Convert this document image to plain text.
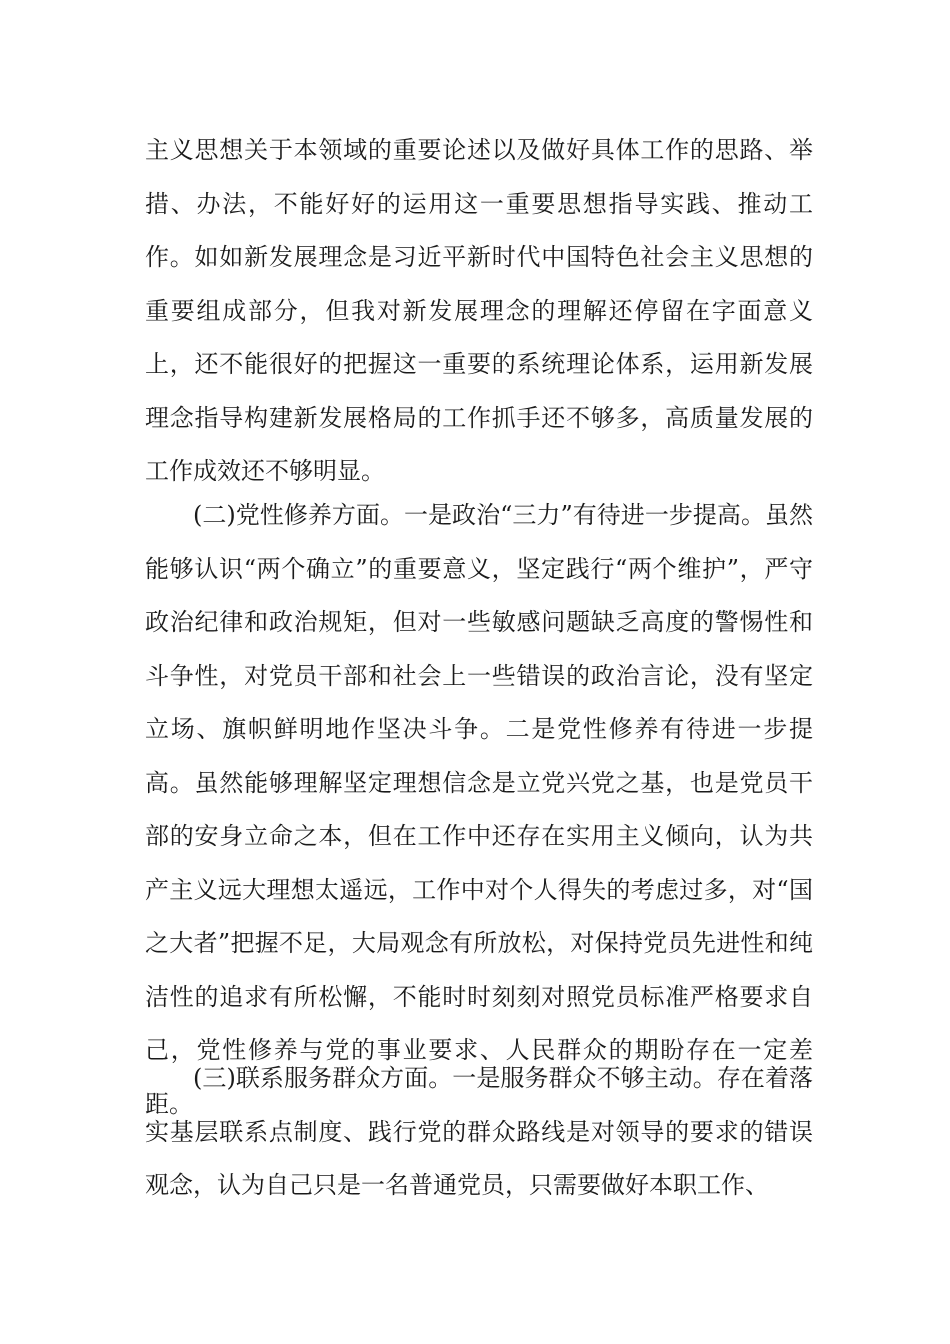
主义思想关于本领域的重要论述以及做好具体工作的思路、举措、办法，不能好好的运用这一重要思想指导实践、推动工作。如如新发展理念是习近平新时代中国特色社会主义思想的重要组成部分，但我对新发展理念的理解还停留在字面意义上，还不能很好的把握这一重要的系统理论体系，运用新发展理念指导构建新发展格局的工作抓手还不够多，高质量发展的工作成效还不够明显。

(二)党性修养方面。一是政治“三力”有待进一步提高。虽然能够认识“两个确立”的重要意义，坚定践行“两个维护”，严守政治纪律和政治规矩，但对一些敏感问题缺乏高度的警惕性和斗争性，对党员干部和社会上一些错误的政治言论，没有坚定立场、旗帜鲜明地作坚决斗争。二是党性修养有待进一步提高。虽然能够理解坚定理想信念是立党兴党之基，也是党员干部的安身立命之本，但在工作中还存在实用主义倾向，认为共产主义远大理想太遥远，工作中对个人得失的考虑过多，对“国之大者”把握不足，大局观念有所放松，对保持党员先进性和纯洁性的追求有所松懈，不能时时刻刻对照党员标准严格要求自己，党性修养与党的事业要求、人民群众的期盼存在一定差距。

(三)联系服务群众方面。一是服务群众不够主动。存在着落实基层联系点制度、践行党的群众路线是对领导的要求的错误观念，认为自己只是一名普通党员，只需要做好本职工作、
